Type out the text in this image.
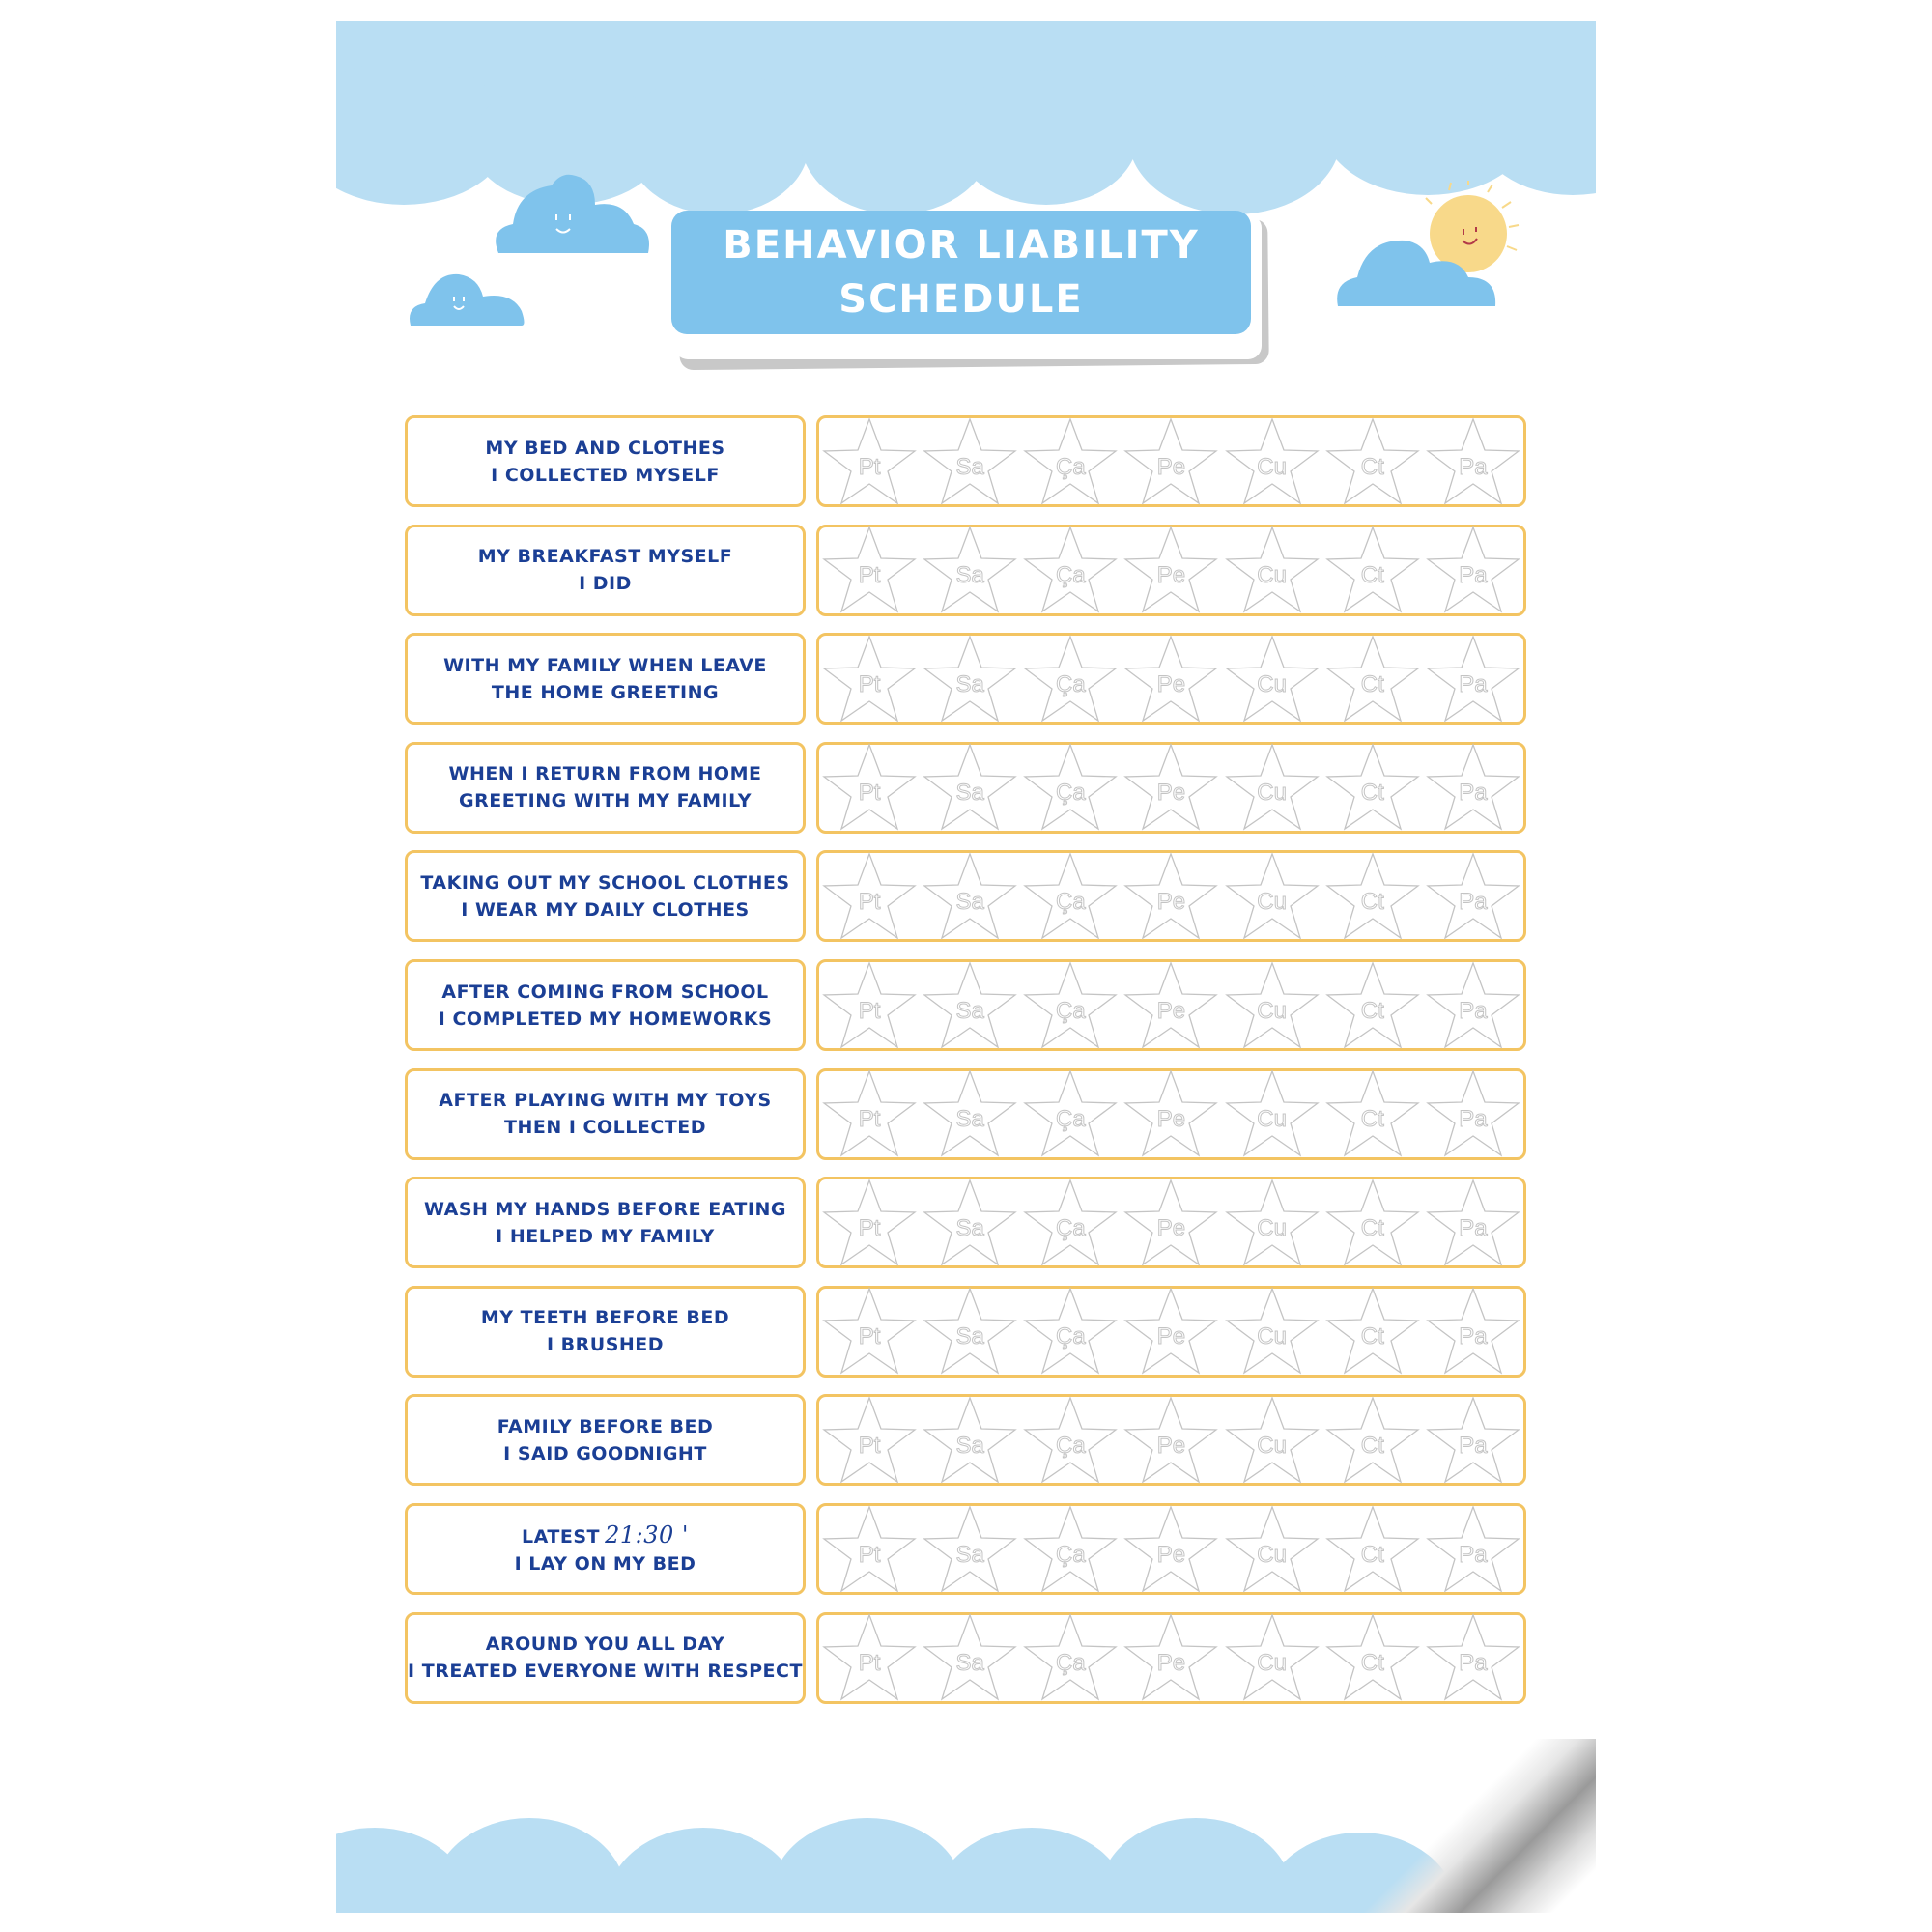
BEHAVIOR LIABILITY
SCHEDULE
MY BED AND CLOTHES
I COLLECTED MYSELF	Pt	Sa	Ça	Pe	Cu	Ct	Pa
MY BREAKFAST MYSELF
I DID	Pt	Sa	Ça	Pe	Cu	Ct	Pa
WITH MY FAMILY WHEN LEAVE
THE HOME GREETING	Pt	Sa	Ça	Pe	Cu	Ct	Pa
WHEN I RETURN FROM HOME
GREETING WITH MY FAMILY	Pt	Sa	Ça	Pe	Cu	Ct	Pa
TAKING OUT MY SCHOOL CLOTHES
I WEAR MY DAILY CLOTHES	Pt	Sa	Ça	Pe	Cu	Ct	Pa
AFTER COMING FROM SCHOOL
I COMPLETED MY HOMEWORKS	Pt	Sa	Ça	Pe	Cu	Ct	Pa
AFTER PLAYING WITH MY TOYS
THEN I COLLECTED	Pt	Sa	Ça	Pe	Cu	Ct	Pa
WASH MY HANDS BEFORE EATING
I HELPED MY FAMILY	Pt	Sa	Ça	Pe	Cu	Ct	Pa
MY TEETH BEFORE BED
I BRUSHED	Pt	Sa	Ça	Pe	Cu	Ct	Pa
FAMILY BEFORE BED
I SAID GOODNIGHT	Pt	Sa	Ça	Pe	Cu	Ct	Pa
LATEST 21:30 '
I LAY ON MY BED	Pt	Sa	Ça	Pe	Cu	Ct	Pa
AROUND YOU ALL DAY
I TREATED EVERYONE WITH RESPECT	Pt	Sa	Ça	Pe	Cu	Ct	Pa
